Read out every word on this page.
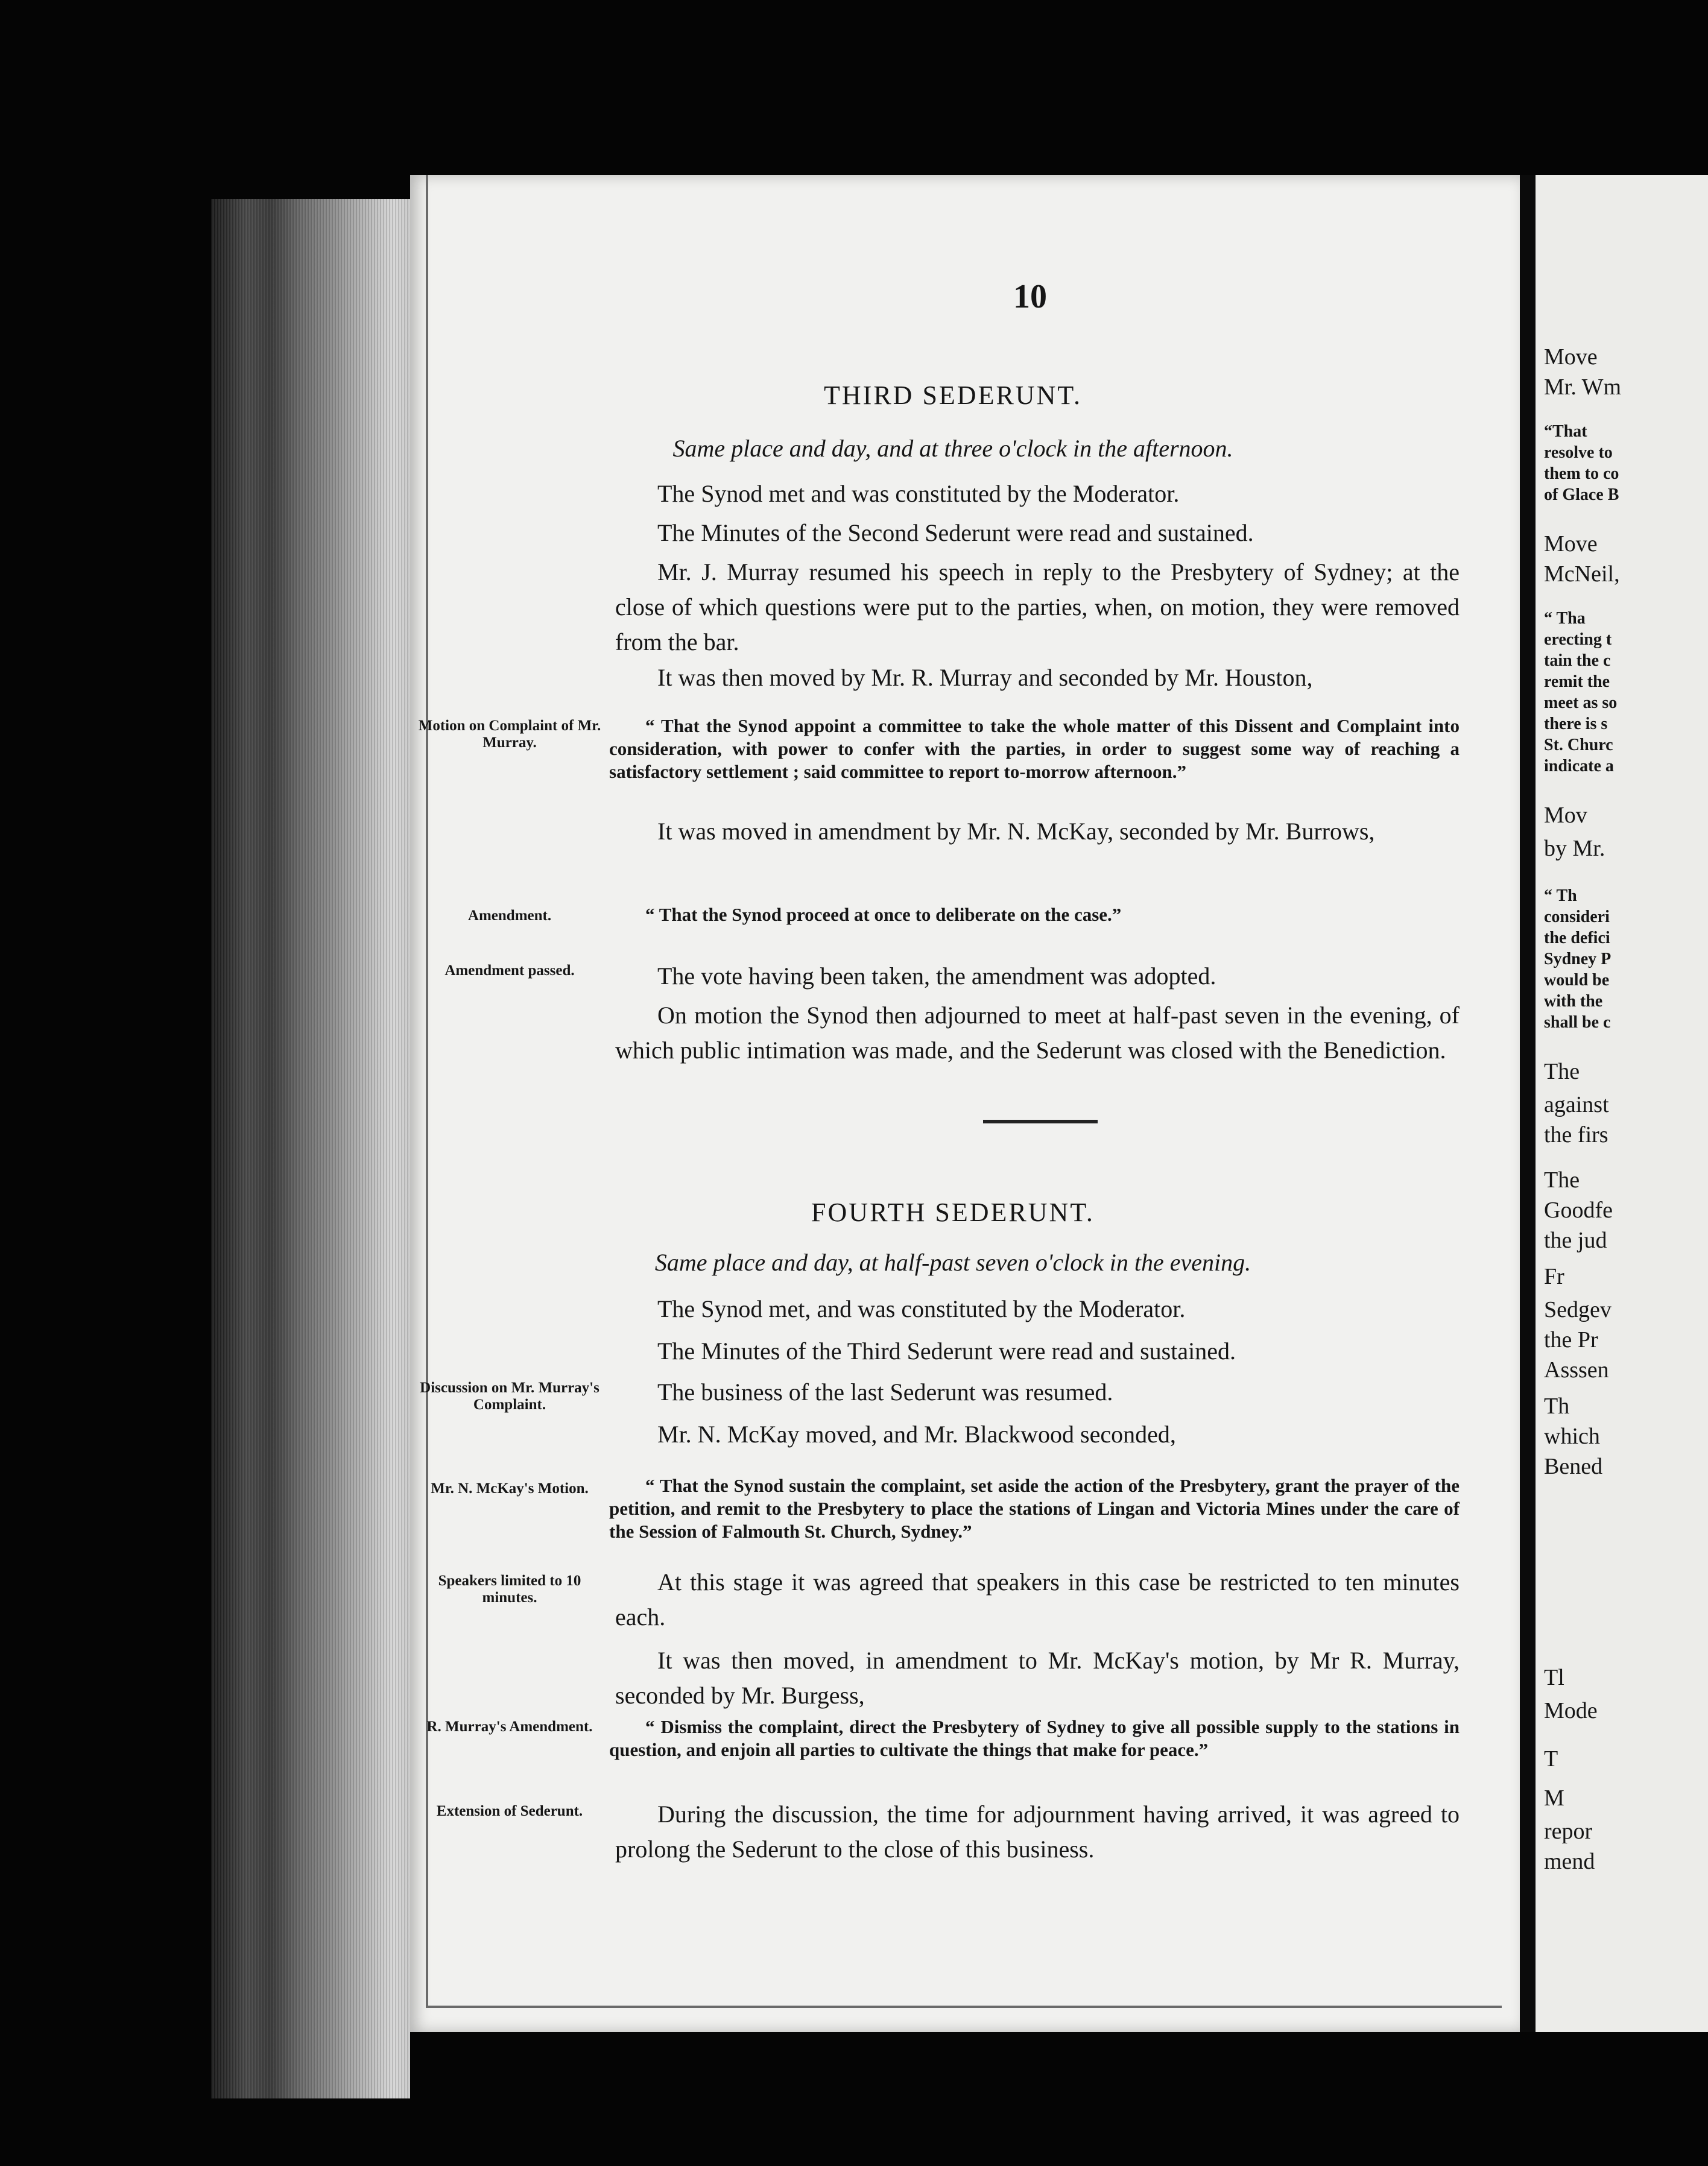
10

THIRD SEDERUNT.

Same place and day, and at three o'clock in the afternoon.

The Synod met and was constituted by the Moderator.

The Minutes of the Second Sederunt were read and sustained.

Mr. J. Murray resumed his speech in reply to the Presbytery of Sydney; at the close of which questions were put to the parties, when, on motion, they were removed from the bar.

It was then moved by Mr. R. Murray and seconded by Mr. Houston,

Motion on Complaint of Mr. Murray.

“ That the Synod appoint a committee to take the whole matter of this Dissent and Complaint into consideration, with power to confer with the parties, in order to suggest some way of reaching a satisfactory settlement ; said committee to report to-morrow afternoon.”

It was moved in amendment by Mr. N. McKay, seconded by Mr. Burrows,

Amendment.	“ That the Synod proceed at once to deliberate on the case.”

Amendment passed.	The vote having been taken, the amendment was adopted.

On motion the Synod then adjourned to meet at half-past seven in the evening, of which public intimation was made, and the Sederunt was closed with the Benediction.

FOURTH SEDERUNT.

Same place and day, at half-past seven o'clock in the evening.

The Synod met, and was constituted by the Moderator.

The Minutes of the Third Sederunt were read and sustained.

Discussion on Mr. Murray's Complaint.	The business of the last Sederunt was resumed.

Mr. N. McKay moved, and Mr. Blackwood seconded,

Mr. N. McKay's Motion.	“ That the Synod sustain the complaint, set aside the action of the Presbytery, grant the prayer of the petition, and remit to the Presbytery to place the stations of Lingan and Victoria Mines under the care of the Session of Falmouth St. Church, Sydney.”

Speakers limited to 10 minutes.

At this stage it was agreed that speakers in this case be restricted to ten minutes each.

It was then moved, in amendment to Mr. McKay's motion, by Mr R. Murray, seconded by Mr. Burgess,

R. Murray's Amendment.	“ Dismiss the complaint, direct the Presbytery of Sydney to give all possible supply to the stations in question, and enjoin all parties to cultivate the things that make for peace.”

Extension of Sederunt.	During the discussion, the time for adjournment having arrived, it was agreed to prolong the Sederunt to the close of this business.

Move
Mr. Wm
“That
resolve to
them to co
of Glace B
Move
McNeil,
“ Tha
erecting t
tain the c
remit the
meet as so
there is s
St. Churc
indicate a
Mov
by Mr.
“ Th
consideri
the defici
Sydney P
would be
with the
shall be c
The
against
the firs
The
Goodfe
the jud
Fr
Sedgev
the Pr
Asssen
Th
which
Bened
Tl
Mode
T
M
repor
mend
